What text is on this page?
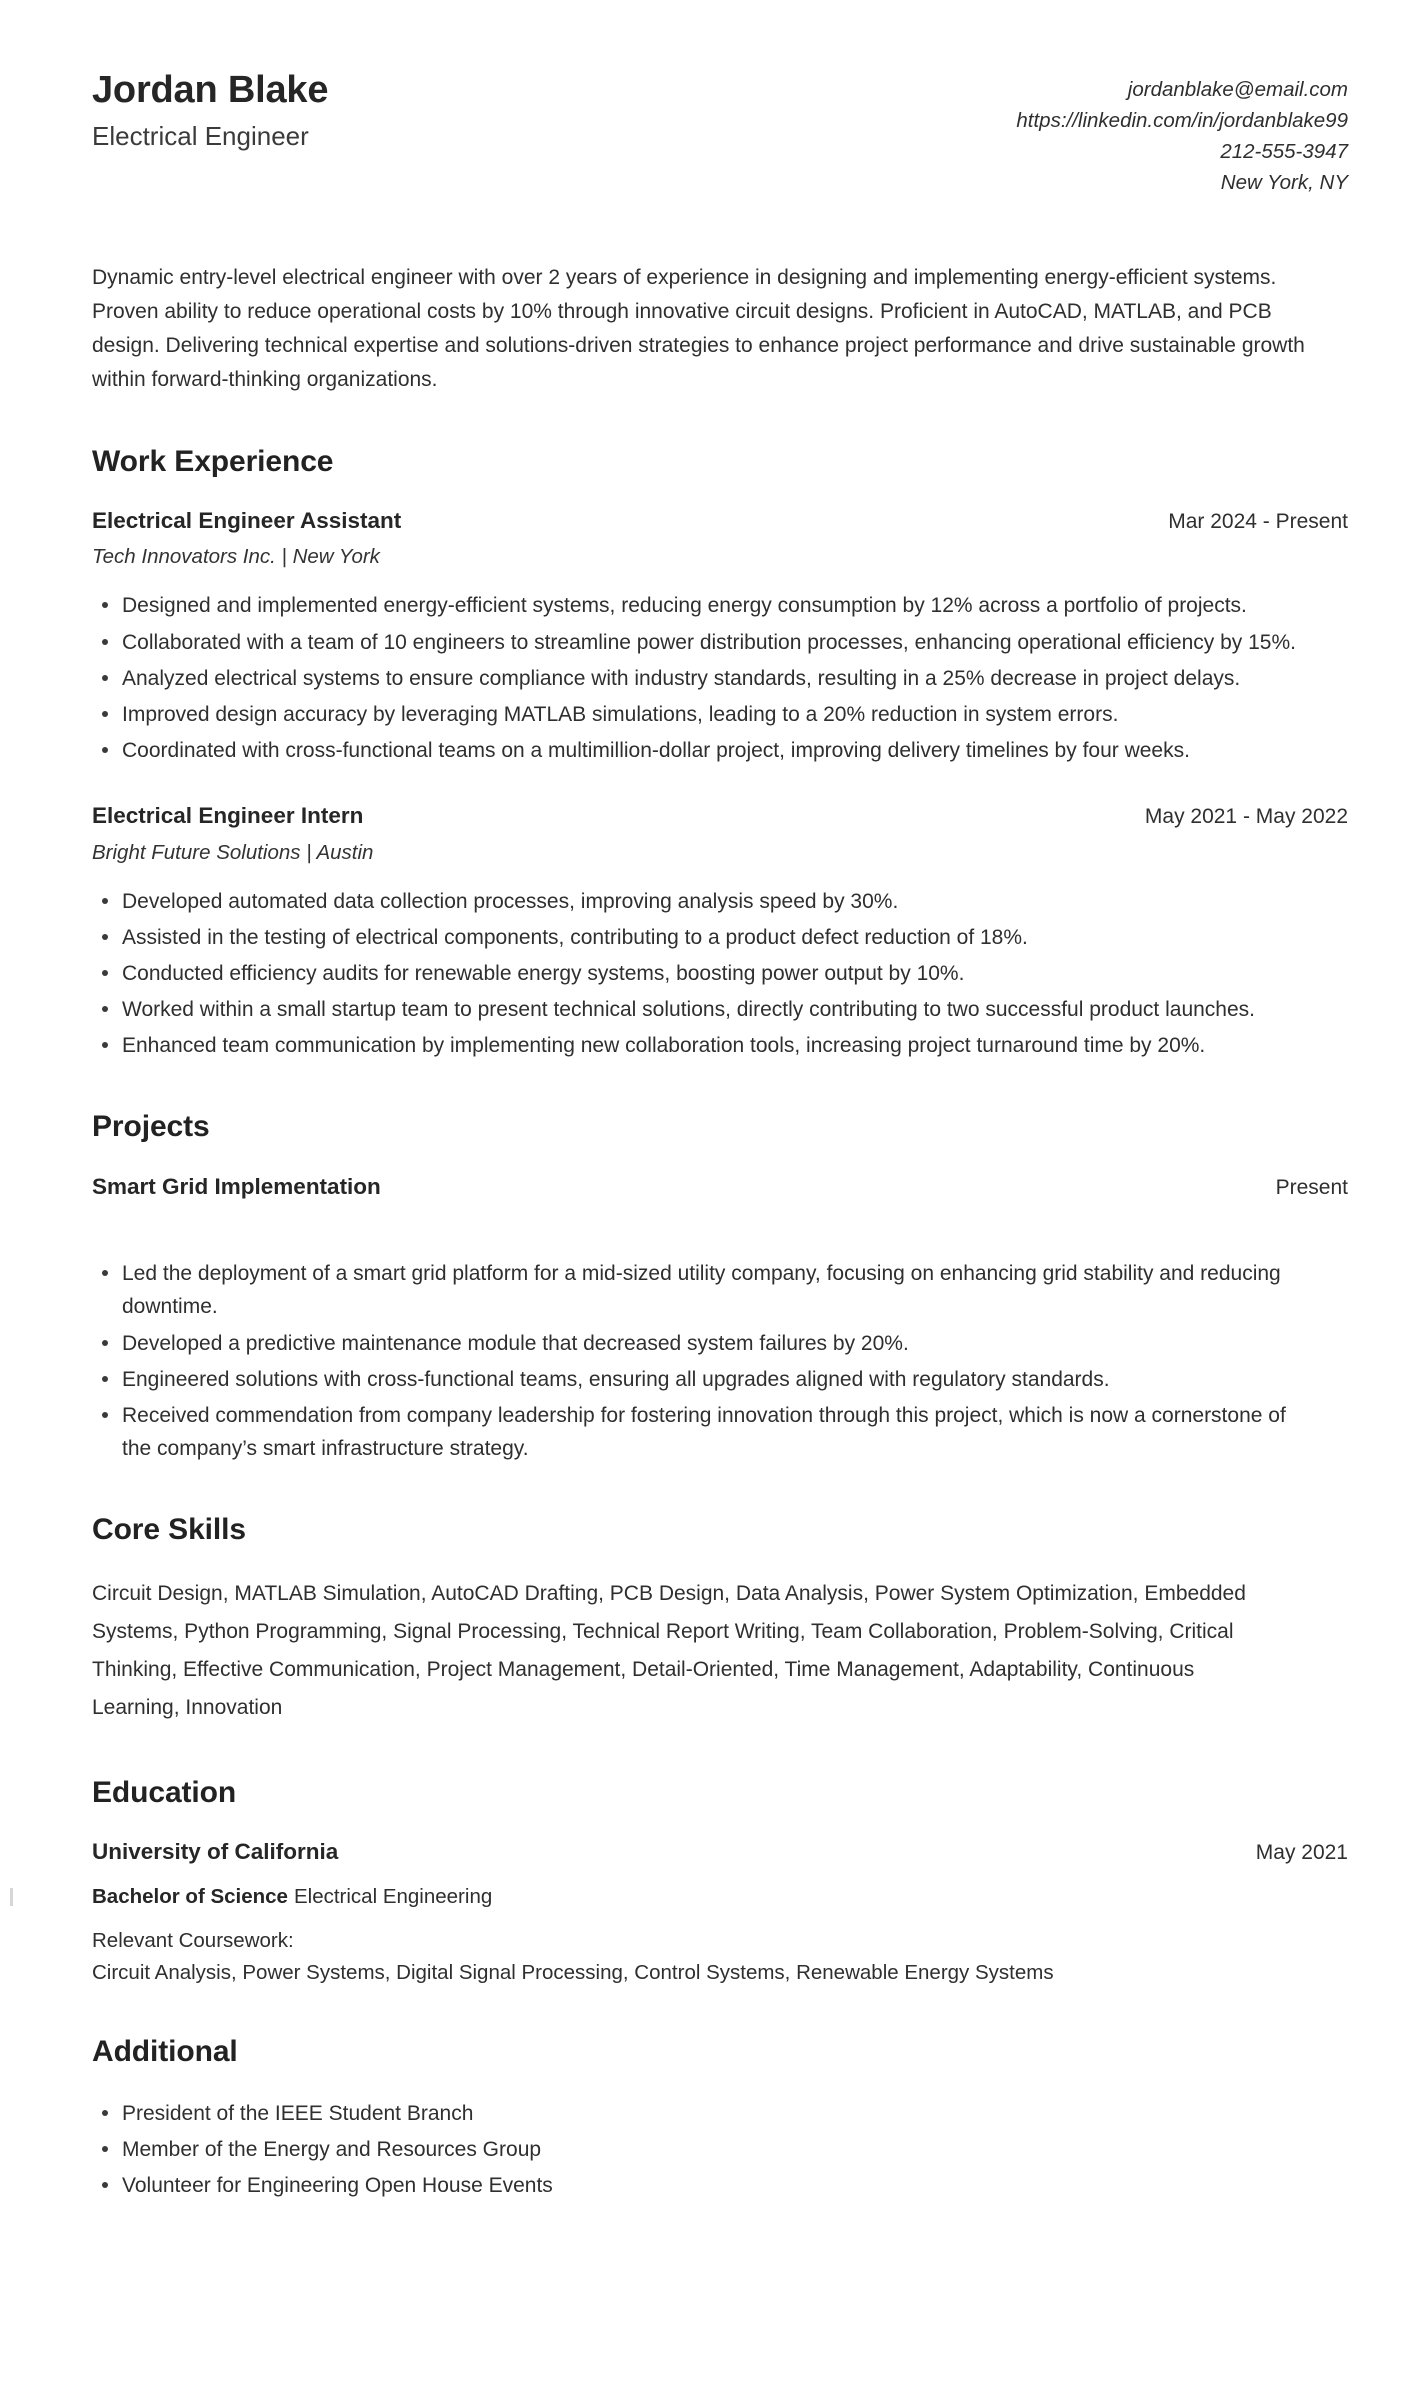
Jordan Blake
Electrical Engineer
jordanblake@email.com
https://linkedin.com/in/jordanblake99
212-555-3947
New York, NY
Dynamic entry-level electrical engineer with over 2 years of experience in designing and implementing energy-efficient systems. Proven ability to reduce operational costs by 10% through innovative circuit designs. Proficient in AutoCAD, MATLAB, and PCB design. Delivering technical expertise and solutions-driven strategies to enhance project performance and drive sustainable growth within forward-thinking organizations.
Work Experience
Electrical Engineer Assistant	Mar 2024 - Present
Tech Innovators Inc. | New York
Designed and implemented energy-efficient systems, reducing energy consumption by 12% across a portfolio of projects.
Collaborated with a team of 10 engineers to streamline power distribution processes, enhancing operational efficiency by 15%.
Analyzed electrical systems to ensure compliance with industry standards, resulting in a 25% decrease in project delays.
Improved design accuracy by leveraging MATLAB simulations, leading to a 20% reduction in system errors.
Coordinated with cross-functional teams on a multimillion-dollar project, improving delivery timelines by four weeks.
Electrical Engineer Intern	May 2021 - May 2022
Bright Future Solutions | Austin
Developed automated data collection processes, improving analysis speed by 30%.
Assisted in the testing of electrical components, contributing to a product defect reduction of 18%.
Conducted efficiency audits for renewable energy systems, boosting power output by 10%.
Worked within a small startup team to present technical solutions, directly contributing to two successful product launches.
Enhanced team communication by implementing new collaboration tools, increasing project turnaround time by 20%.
Projects
Smart Grid Implementation	Present
Led the deployment of a smart grid platform for a mid-sized utility company, focusing on enhancing grid stability and reducing downtime.
Developed a predictive maintenance module that decreased system failures by 20%.
Engineered solutions with cross-functional teams, ensuring all upgrades aligned with regulatory standards.
Received commendation from company leadership for fostering innovation through this project, which is now a cornerstone of the company’s smart infrastructure strategy.
Core Skills
Circuit Design, MATLAB Simulation, AutoCAD Drafting, PCB Design, Data Analysis, Power System Optimization, Embedded Systems, Python Programming, Signal Processing, Technical Report Writing, Team Collaboration, Problem-Solving, Critical Thinking, Effective Communication, Project Management, Detail-Oriented, Time Management, Adaptability, Continuous Learning, Innovation
Education
University of California	May 2021
Bachelor of Science Electrical Engineering
Relevant Coursework:
Circuit Analysis, Power Systems, Digital Signal Processing, Control Systems, Renewable Energy Systems
Additional
President of the IEEE Student Branch
Member of the Energy and Resources Group
Volunteer for Engineering Open House Events
